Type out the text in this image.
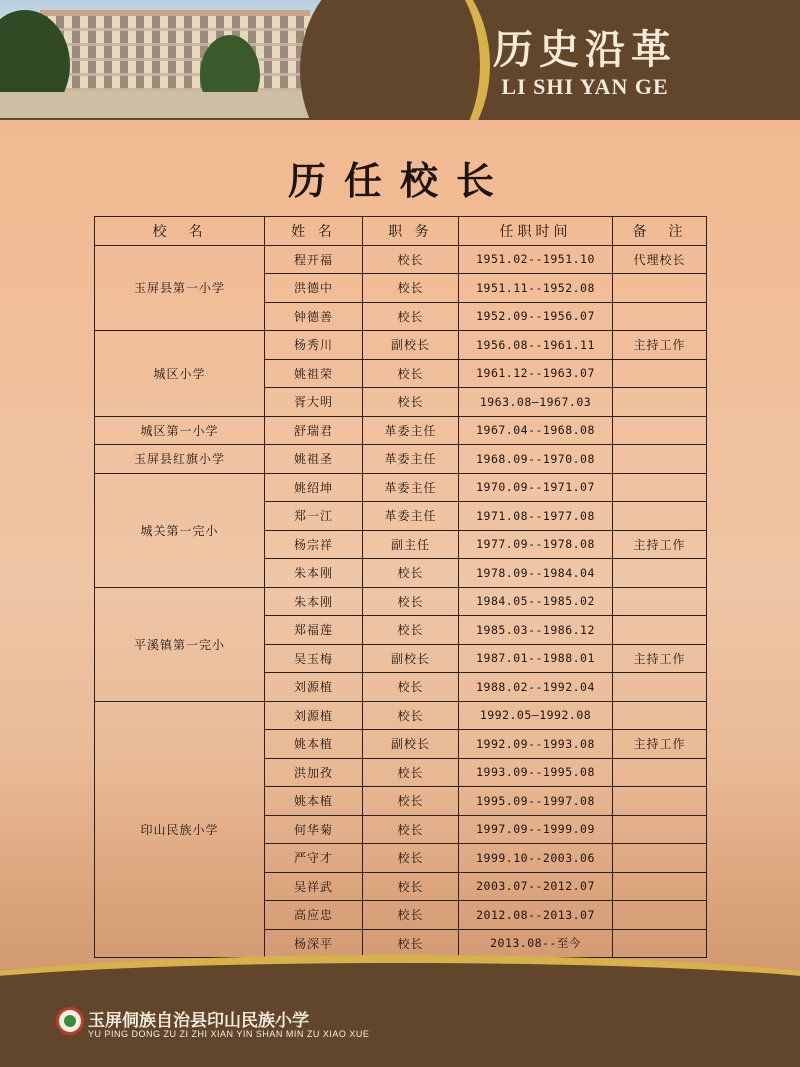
历史沿革
LI SHI YAN GE
历任校长
校　名	姓 名	职 务	任职时间	备　注
玉屏县第一小学	程开福	校长	1951.02--1951.10	代理校长
	洪德中	校长	1951.11--1952.08	
	钟德善	校长	1952.09--1956.07	
城区小学	杨秀川	副校长	1956.08--1961.11	主持工作
	姚祖荣	校长	1961.12--1963.07	
	胥大明	校长	1963.08—1967.03	
城区第一小学	舒瑞君	革委主任	1967.04--1968.08	
玉屏县红旗小学	姚祖圣	革委主任	1968.09--1970.08	
城关第一完小	姚绍坤	革委主任	1970.09--1971.07	
	郑一江	革委主任	1971.08--1977.08	
	杨宗祥	副主任	1977.09--1978.08	主持工作
	朱本刚	校长	1978.09--1984.04	
平溪镇第一完小	朱本刚	校长	1984.05--1985.02	
	郑福莲	校长	1985.03--1986.12	
	吴玉梅	副校长	1987.01--1988.01	主持工作
	刘源植	校长	1988.02--1992.04	
印山民族小学	刘源植	校长	1992.05—1992.08	
	姚本植	副校长	1992.09--1993.08	主持工作
	洪加孜	校长	1993.09--1995.08	
	姚本植	校长	1995.09--1997.08	
	何华菊	校长	1997.09--1999.09	
	严守才	校长	1999.10--2003.06	
	吴祥武	校长	2003.07--2012.07	
	高应忠	校长	2012.08--2013.07	
	杨深平	校长	2013.08--至今	
玉屏侗族自治县印山民族小学
YU PING DONG ZU ZI ZHI XIAN YIN SHAN MIN ZU XIAO XUE
